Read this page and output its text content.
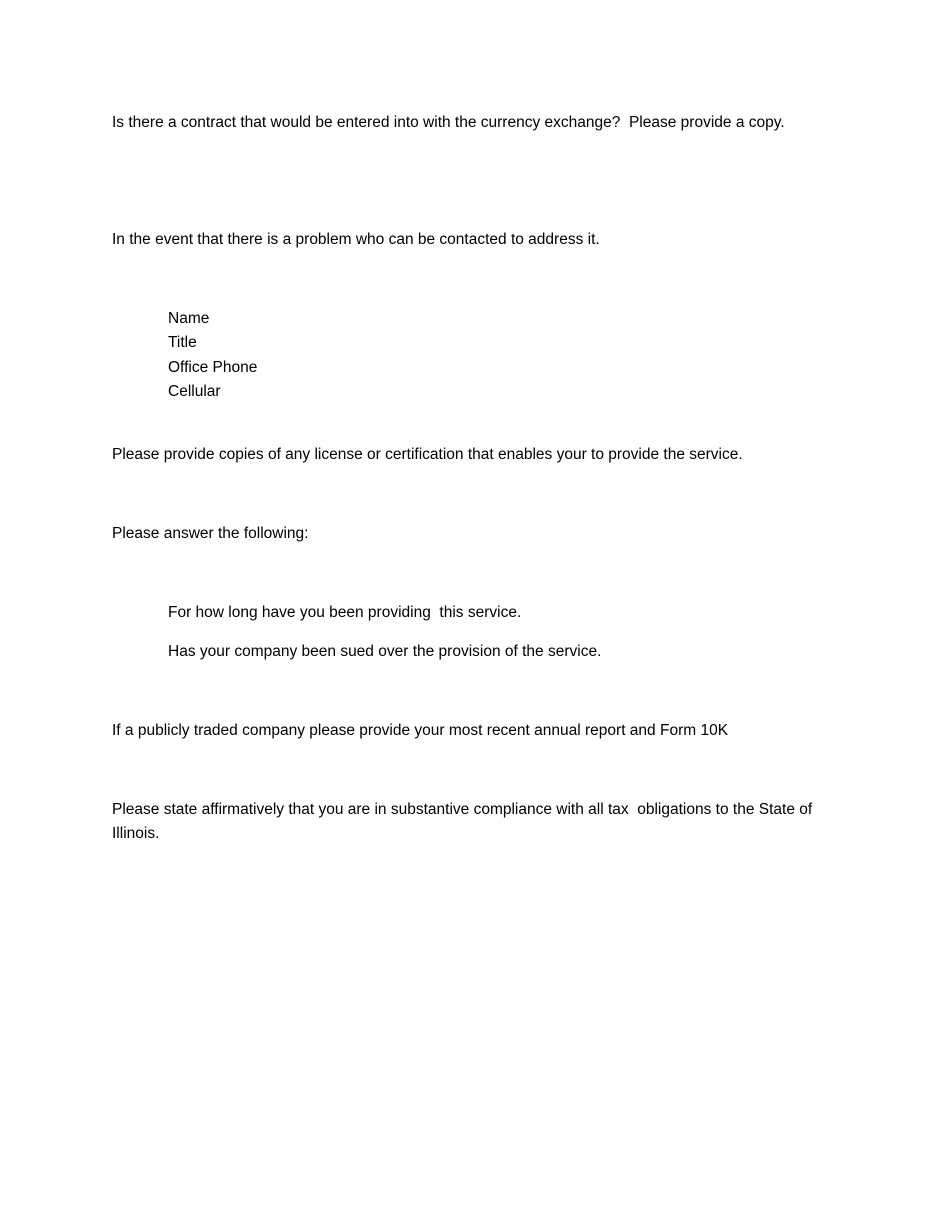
Is there a contract that would be entered into with the currency exchange?  Please provide a copy.

In the event that there is a problem who can be contacted to address it.

Name

Title

Office Phone

Cellular

Please provide copies of any license or certification that enables your to provide the service.

Please answer the following:

For how long have you been providing  this service.

Has your company been sued over the provision of the service.

If a publicly traded company please provide your most recent annual report and Form 10K

Please state affirmatively that you are in substantive compliance with all tax  obligations to the State of Illinois.
